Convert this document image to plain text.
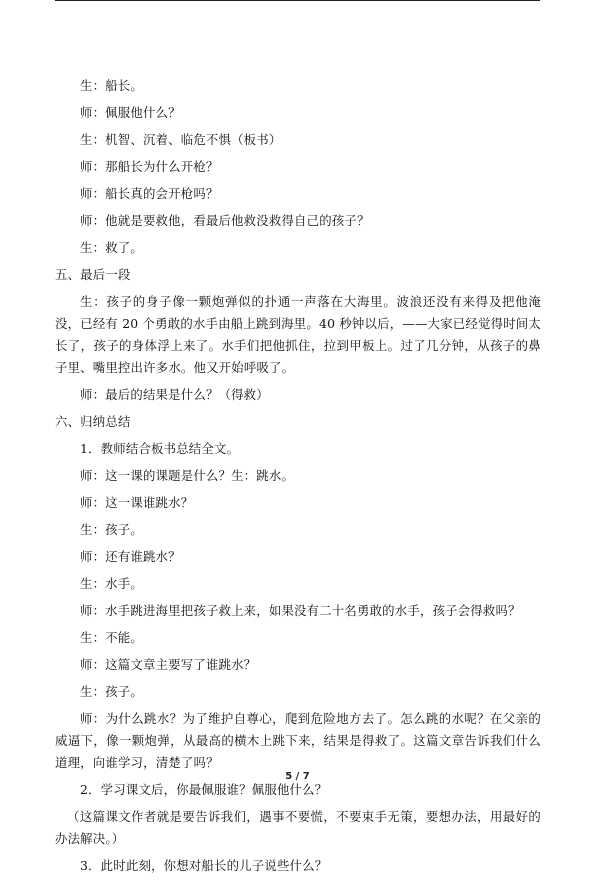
生：船长。

师：佩服他什么？

生：机智、沉着、临危不惧（板书）

师：那船长为什么开枪？

师：船长真的会开枪吗？

师：他就是要救他，看最后他救没救得自己的孩子？

生：救了。

五、最后一段

生：孩子的身子像一颗炮弹似的扑通一声落在大海里。波浪还没有来得及把他淹没，已经有 20 个勇敢的水手由船上跳到海里。40 秒钟以后，——大家已经觉得时间太长了，孩子的身体浮上来了。水手们把他抓住，拉到甲板上。过了几分钟，从孩子的鼻子里、嘴里控出许多水。他又开始呼吸了。

师：最后的结果是什么？（得救）

六、归纳总结

1．教师结合板书总结全文。

师：这一课的课题是什么？生：跳水。

师：这一课谁跳水？

生：孩子。

师：还有谁跳水？

生：水手。

师：水手跳进海里把孩子救上来，如果没有二十名勇敢的水手，孩子会得救吗？

生：不能。

师：这篇文章主要写了谁跳水？

生：孩子。

师：为什么跳水？为了维护自尊心，爬到危险地方去了。怎么跳的水呢？在父亲的威逼下，像一颗炮弹，从最高的横木上跳下来，结果是得救了。这篇文章告诉我们什么道理，向谁学习，清楚了吗？

2．学习课文后，你最佩服谁？佩服他什么？

（这篇课文作者就是要告诉我们，遇事不要慌，不要束手无策，要想办法，用最好的办法解决。）

3．此时此刻，你想对船长的儿子说些什么？

5 / 7
